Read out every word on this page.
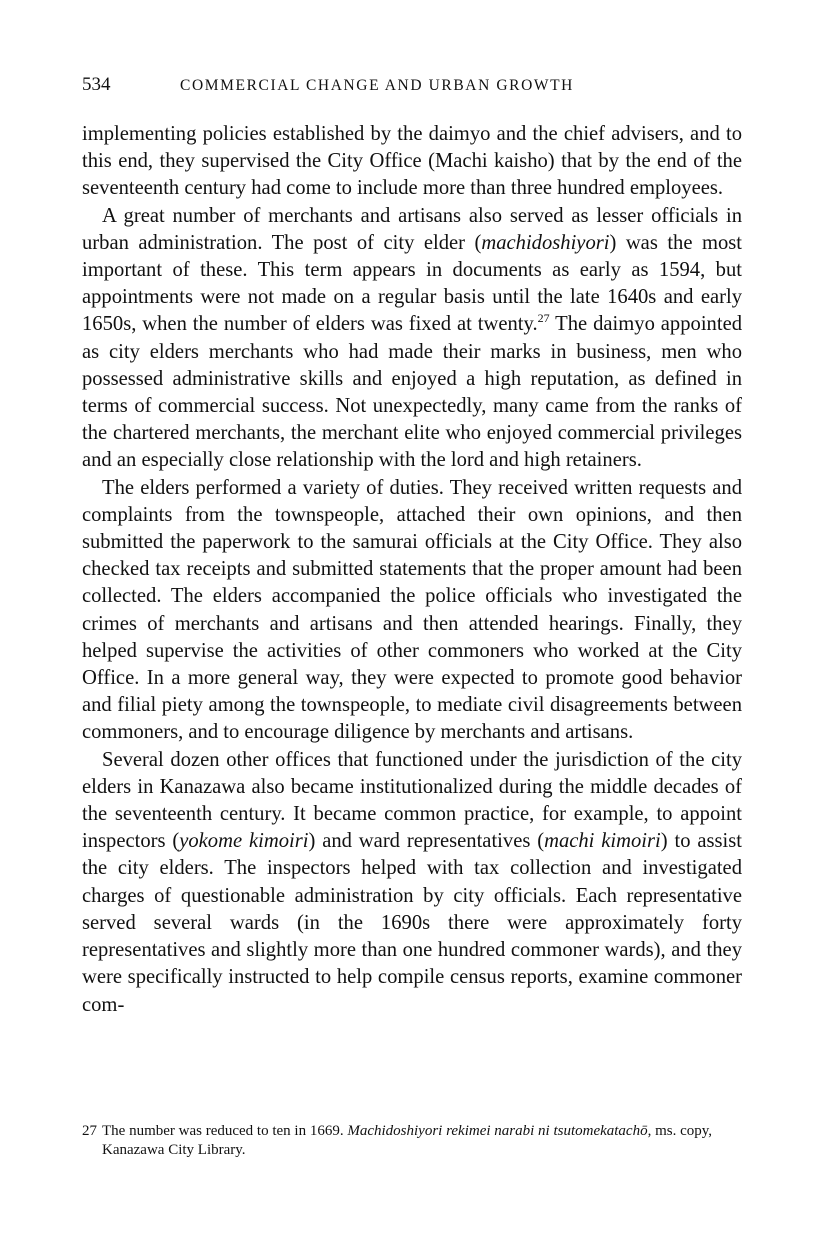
534	COMMERCIAL CHANGE AND URBAN GROWTH

implementing policies established by the daimyo and the chief advisers, and to this end, they supervised the City Office (Machi kaisho) that by the end of the seventeenth century had come to include more than three hundred employees.

A great number of merchants and artisans also served as lesser officials in urban administration. The post of city elder (machidoshiyori) was the most important of these. This term appears in documents as early as 1594, but appointments were not made on a regular basis until the late 1640s and early 1650s, when the number of elders was fixed at twenty.$^{27}$ The daimyo appointed as city elders merchants who had made their marks in business, men who possessed administrative skills and enjoyed a high reputation, as defined in terms of commercial success. Not unexpectedly, many came from the ranks of the chartered merchants, the merchant elite who enjoyed commercial privileges and an especially close relationship with the lord and high retainers.

The elders performed a variety of duties. They received written requests and complaints from the townspeople, attached their own opinions, and then submitted the paperwork to the samurai officials at the City Office. They also checked tax receipts and submitted statements that the proper amount had been collected. The elders accompanied the police officials who investigated the crimes of merchants and artisans and then attended hearings. Finally, they helped supervise the activities of other commoners who worked at the City Office. In a more general way, they were expected to promote good behavior and filial piety among the townspeople, to mediate civil disagreements between commoners, and to encourage diligence by merchants and artisans.

Several dozen other offices that functioned under the jurisdiction of the city elders in Kanazawa also became institutionalized during the middle decades of the seventeenth century. It became common practice, for example, to appoint inspectors (yokome kimoiri) and ward representatives (machi kimoiri) to assist the city elders. The inspectors helped with tax collection and investigated charges of questionable administration by city officials. Each representative served several wards (in the 1690s there were approximately forty representatives and slightly more than one hundred commoner wards), and they were specifically instructed to help compile census reports, examine commoner com-

27 The number was reduced to ten in 1669. Machidoshiyori rekimei narabi ni tsutomekatachō, ms. copy, Kanazawa City Library.
